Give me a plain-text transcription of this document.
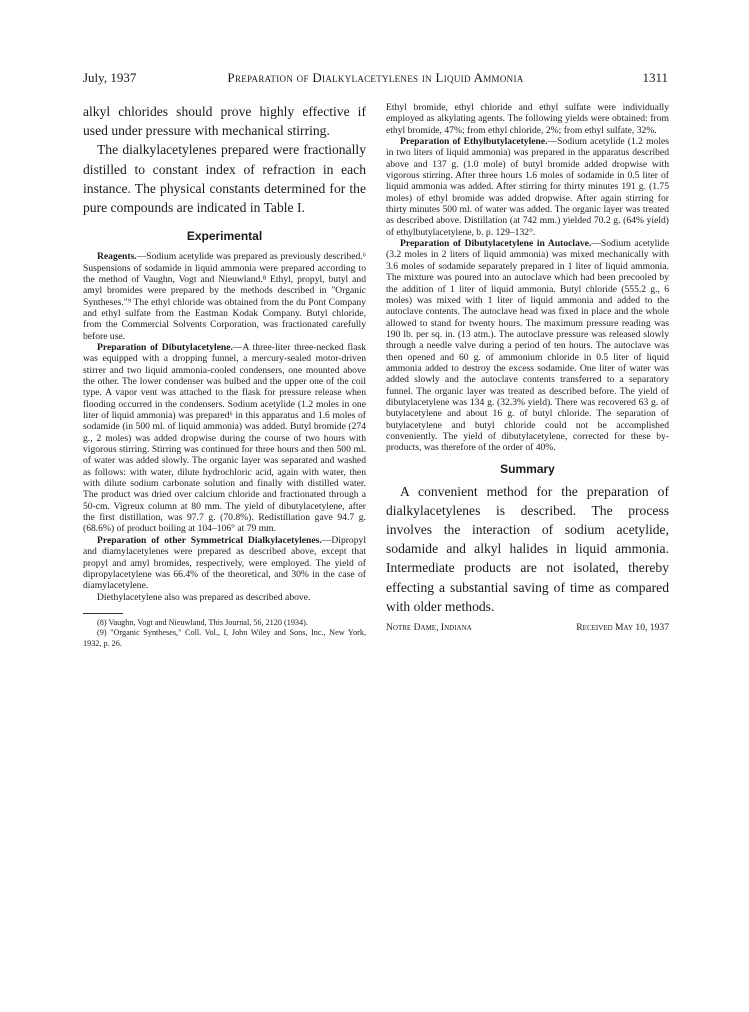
July, 1937	Preparation of Dialkylacetylenes in Liquid Ammonia	1311

alkyl chlorides should prove highly effective if used under pressure with mechanical stirring.

The dialkylacetylenes prepared were fractionally distilled to constant index of refraction in each instance. The physical constants determined for the pure compounds are indicated in Table I.

Experimental

Reagents.—Sodium acetylide was prepared as previously described.⁶ Suspensions of sodamide in liquid ammonia were prepared according to the method of Vaughn, Vogt and Nieuwland.⁸ Ethyl, propyl, butyl and amyl bromides were prepared by the methods described in "Organic Syntheses."⁹ The ethyl chloride was obtained from the du Pont Company and ethyl sulfate from the Eastman Kodak Company. Butyl chloride, from the Commercial Solvents Corporation, was fractionated carefully before use.

Preparation of Dibutylacetylene.—A three-liter three-necked flask was equipped with a dropping funnel, a mercury-sealed motor-driven stirrer and two liquid ammonia-cooled condensers, one mounted above the other. The lower condenser was bulbed and the upper one of the coil type. A vapor vent was attached to the flask for pressure release when flooding occurred in the condensers. Sodium acetylide (1.2 moles in one liter of liquid ammonia) was prepared⁶ in this apparatus and 1.6 moles of sodamide (in 500 ml. of liquid ammonia) was added. Butyl bromide (274 g., 2 moles) was added dropwise during the course of two hours with vigorous stirring. Stirring was continued for three hours and then 500 ml. of water was added slowly. The organic layer was separated and washed as follows: with water, dilute hydrochloric acid, again with water, then with dilute sodium carbonate solution and finally with distilled water. The product was dried over calcium chloride and fractionated through a 50-cm. Vigreux column at 80 mm. The yield of dibutylacetylene, after the first distillation, was 97.7 g. (70.8%). Redistillation gave 94.7 g. (68.6%) of product boiling at 104–106° at 79 mm.

Preparation of other Symmetrical Dialkylacetylenes.—Dipropyl and diamylacetylenes were prepared as described above, except that propyl and amyl bromides, respectively, were employed. The yield of dipropylacetylene was 66.4% of the theoretical, and 30% in the case of diamylacetylene.

Diethylacetylene also was prepared as described above.

(8) Vaughn, Vogt and Nieuwland, This Journal, 56, 2120 (1934).

(9) "Organic Syntheses," Coll. Vol., I, John Wiley and Sons, Inc., New York, 1932, p. 26.

Ethyl bromide, ethyl chloride and ethyl sulfate were individually employed as alkylating agents. The following yields were obtained: from ethyl bromide, 47%; from ethyl chloride, 2%; from ethyl sulfate, 32%.

Preparation of Ethylbutylacetylene.—Sodium acetylide (1.2 moles in two liters of liquid ammonia) was prepared in the apparatus described above and 137 g. (1.0 mole) of butyl bromide added dropwise with vigorous stirring. After three hours 1.6 moles of sodamide in 0.5 liter of liquid ammonia was added. After stirring for thirty minutes 191 g. (1.75 moles) of ethyl bromide was added dropwise. After again stirring for thirty minutes 500 ml. of water was added. The organic layer was treated as described above. Distillation (at 742 mm.) yielded 70.2 g. (64% yield) of ethylbutylacetylene, b. p. 129–132°.

Preparation of Dibutylacetylene in Autoclave.—Sodium acetylide (3.2 moles in 2 liters of liquid ammonia) was mixed mechanically with 3.6 moles of sodamide separately prepared in 1 liter of liquid ammonia. The mixture was poured into an autoclave which had been precooled by the addition of 1 liter of liquid ammonia. Butyl chloride (555.2 g., 6 moles) was mixed with 1 liter of liquid ammonia and added to the autoclave contents. The autoclave head was fixed in place and the whole allowed to stand for twenty hours. The maximum pressure reading was 190 lb. per sq. in. (13 atm.). The autoclave pressure was released slowly through a needle valve during a period of ten hours. The autoclave was then opened and 60 g. of ammonium chloride in 0.5 liter of liquid ammonia added to destroy the excess sodamide. One liter of water was added slowly and the autoclave contents transferred to a separatory funnel. The organic layer was treated as described before. The yield of dibutylacetylene was 134 g. (32.3% yield). There was recovered 63 g. of butylacetylene and about 16 g. of butyl chloride. The separation of butylacetylene and butyl chloride could not be accomplished conveniently. The yield of dibutylacetylene, corrected for these by-products, was therefore of the order of 40%.

Summary

A convenient method for the preparation of dialkylacetylenes is described. The process involves the interaction of sodium acetylide, sodamide and alkyl halides in liquid ammonia. Intermediate products are not isolated, thereby effecting a substantial saving of time as compared with older methods.

Notre Dame, Indiana	Received May 10, 1937
